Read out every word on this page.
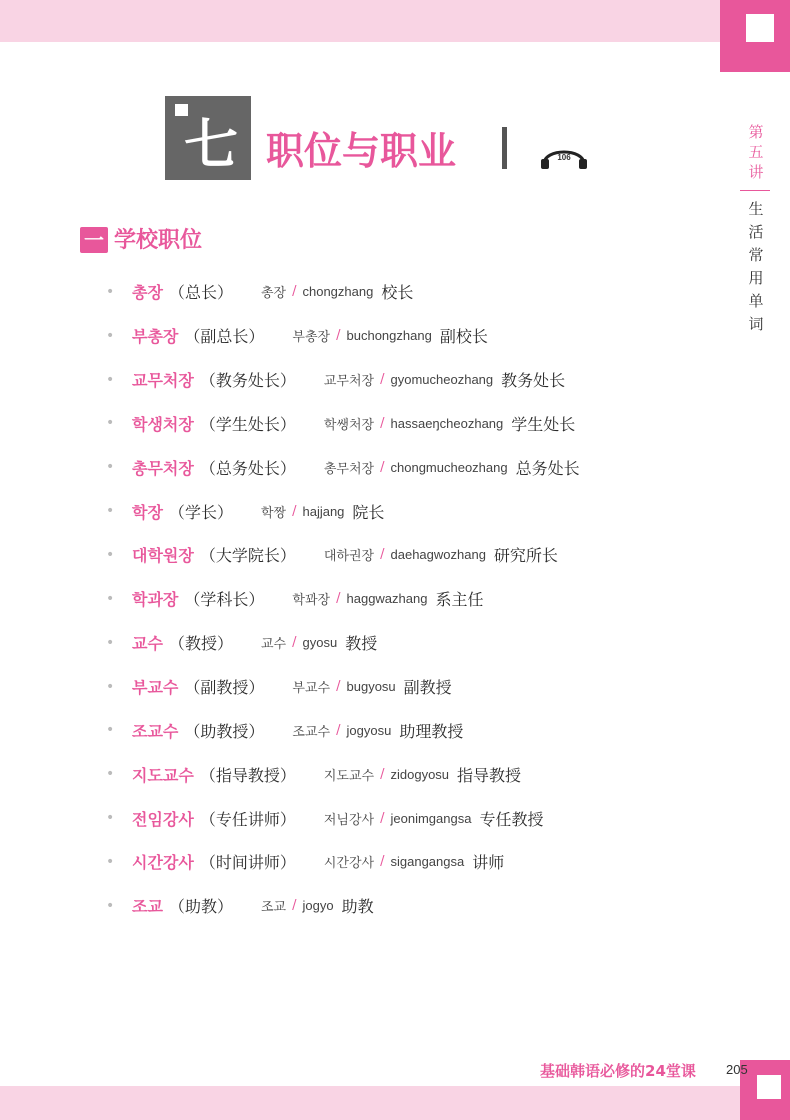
七 职位与职业	106
第
五
讲
生
活
常
用
单
词
一 学校职位
•	총장 （总长） 총장 / chongzhang 校长
•	부총장 （副总长） 부총장 / buchongzhang 副校长
•	교무처장 （教务处长） 교무처장 / gyomucheozhang 教务处长
•	학생처장 （学生处长） 학쌩처장 / hassaeŋcheozhang 学生处长
•	총무처장 （总务处长） 총무처장 / chongmucheozhang 总务处长
•	학장 （学长） 학짱 / hajjang 院长
•	대학원장 （大学院长） 대하권장 / daehagwozhang 研究所长
•	학과장 （学科长） 학꽈장 / haggwazhang 系主任
•	교수 （教授） 교수 / gyosu 教授
•	부교수 （副教授） 부교수 / bugyosu 副教授
•	조교수 （助教授） 조교수 / jogyosu 助理教授
•	지도교수 （指导教授） 지도교수 / zidogyosu 指导教授
•	전임강사 （专任讲师） 저님강사 / jeonimgangsa 专任教授
•	시간강사 （时间讲师） 시간강사 / sigangangsa 讲师
•	조교 （助教） 조교 / jogyo 助教
基础韩语必修的24堂课	205
